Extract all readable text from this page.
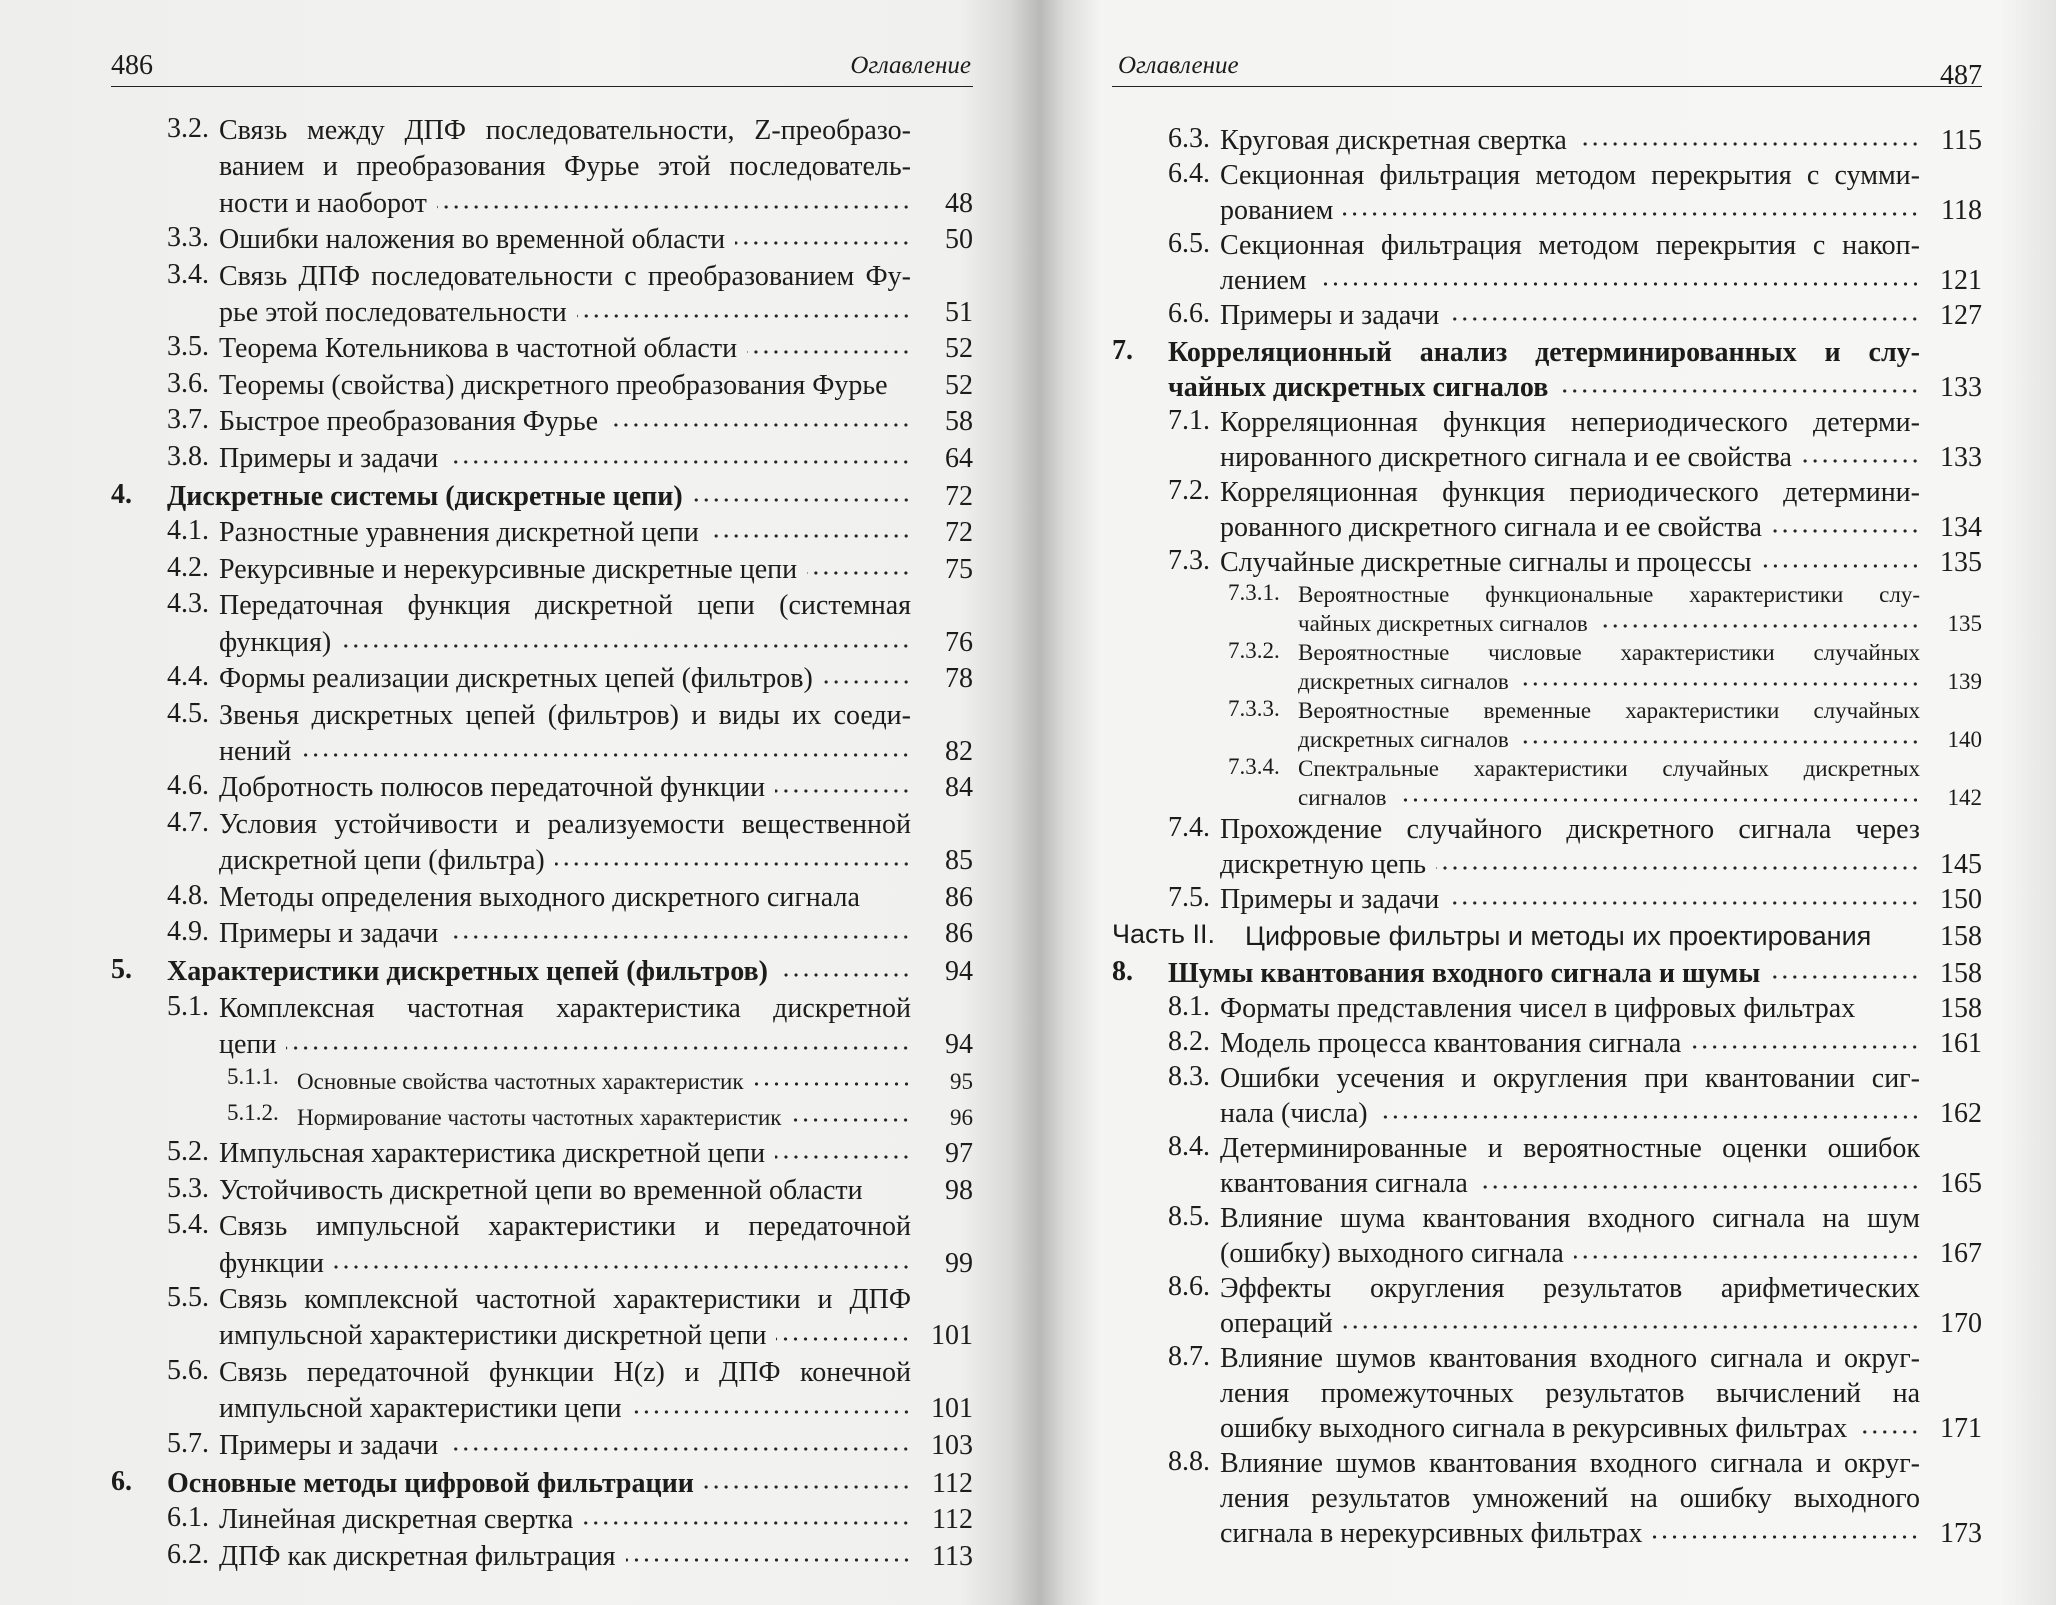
486	Оглавление
3.2. Связь между ДПФ последовательности, Z-преобразо-
ванием и преобразования Фурье этой последователь-
ности и наоборот	48
3.3. Ошибки наложения во временной области	50
3.4. Связь ДПФ последовательности с преобразованием Фу-
рье этой последовательности	51
3.5. Теорема Котельникова в частотной области	52
3.6. Теоремы (свойства) дискретного преобразования Фурье	52
3.7. Быстрое преобразования Фурье	58
3.8. Примеры и задачи	64
4. Дискретные системы (дискретные цепи)	72
4.1. Разностные уравнения дискретной цепи	72
4.2. Рекурсивные и нерекурсивные дискретные цепи	75
4.3. Передаточная функция дискретной цепи (системная
функция)	76
4.4. Формы реализации дискретных цепей (фильтров)	78
4.5. Звенья дискретных цепей (фильтров) и виды их соеди-
нений	82
4.6. Добротность полюсов передаточной функции	84
4.7. Условия устойчивости и реализуемости вещественной
дискретной цепи (фильтра)	85
4.8. Методы определения выходного дискретного сигнала	86
4.9. Примеры и задачи	86
5. Характеристики дискретных цепей (фильтров)	94
5.1. Комплексная частотная характеристика дискретной
цепи	94
5.1.1. Основные свойства частотных характеристик	95
5.1.2. Нормирование частоты частотных характеристик	96
5.2. Импульсная характеристика дискретной цепи	97
5.3. Устойчивость дискретной цепи во временной области	98
5.4. Связь импульсной характеристики и передаточной
функции	99
5.5. Связь комплексной частотной характеристики и ДПФ
импульсной характеристики дискретной цепи	101
5.6. Связь передаточной функции H(z) и ДПФ конечной
импульсной характеристики цепи	101
5.7. Примеры и задачи	103
6. Основные методы цифровой фильтрации	112
6.1. Линейная дискретная свертка	112
6.2. ДПФ как дискретная фильтрация	113
Оглавление	487
6.3. Круговая дискретная свертка	115
6.4. Секционная фильтрация методом перекрытия с сумми-
рованием	118
6.5. Секционная фильтрация методом перекрытия с накоп-
лением	121
6.6. Примеры и задачи	127
7. Корреляционный анализ детерминированных и слу-
чайных дискретных сигналов	133
7.1. Корреляционная функция непериодического детерми-
нированного дискретного сигнала и ее свойства	133
7.2. Корреляционная функция периодического детермини-
рованного дискретного сигнала и ее свойства	134
7.3. Случайные дискретные сигналы и процессы	135
7.3.1. Вероятностные функциональные характеристики слу-
чайных дискретных сигналов	135
7.3.2. Вероятностные числовые характеристики случайных
дискретных сигналов	139
7.3.3. Вероятностные временные характеристики случайных
дискретных сигналов	140
7.3.4. Спектральные характеристики случайных дискретных
сигналов	142
7.4. Прохождение случайного дискретного сигнала через
дискретную цепь	145
7.5. Примеры и задачи	150
Часть II. Цифровые фильтры и методы их проектирования 158
8. Шумы квантования входного сигнала и шумы	158
8.1. Форматы представления чисел в цифровых фильтрах	158
8.2. Модель процесса квантования сигнала	161
8.3. Ошибки усечения и округления при квантовании сиг-
нала (числа)	162
8.4. Детерминированные и вероятностные оценки ошибок
квантования сигнала	165
8.5. Влияние шума квантования входного сигнала на шум
(ошибку) выходного сигнала	167
8.6. Эффекты округления результатов арифметических
операций	170
8.7. Влияние шумов квантования входного сигнала и округ-
ления промежуточных результатов вычислений на
ошибку выходного сигнала в рекурсивных фильтрах	171
8.8. Влияние шумов квантования входного сигнала и округ-
ления результатов умножений на ошибку выходного
сигнала в нерекурсивных фильтрах	173
